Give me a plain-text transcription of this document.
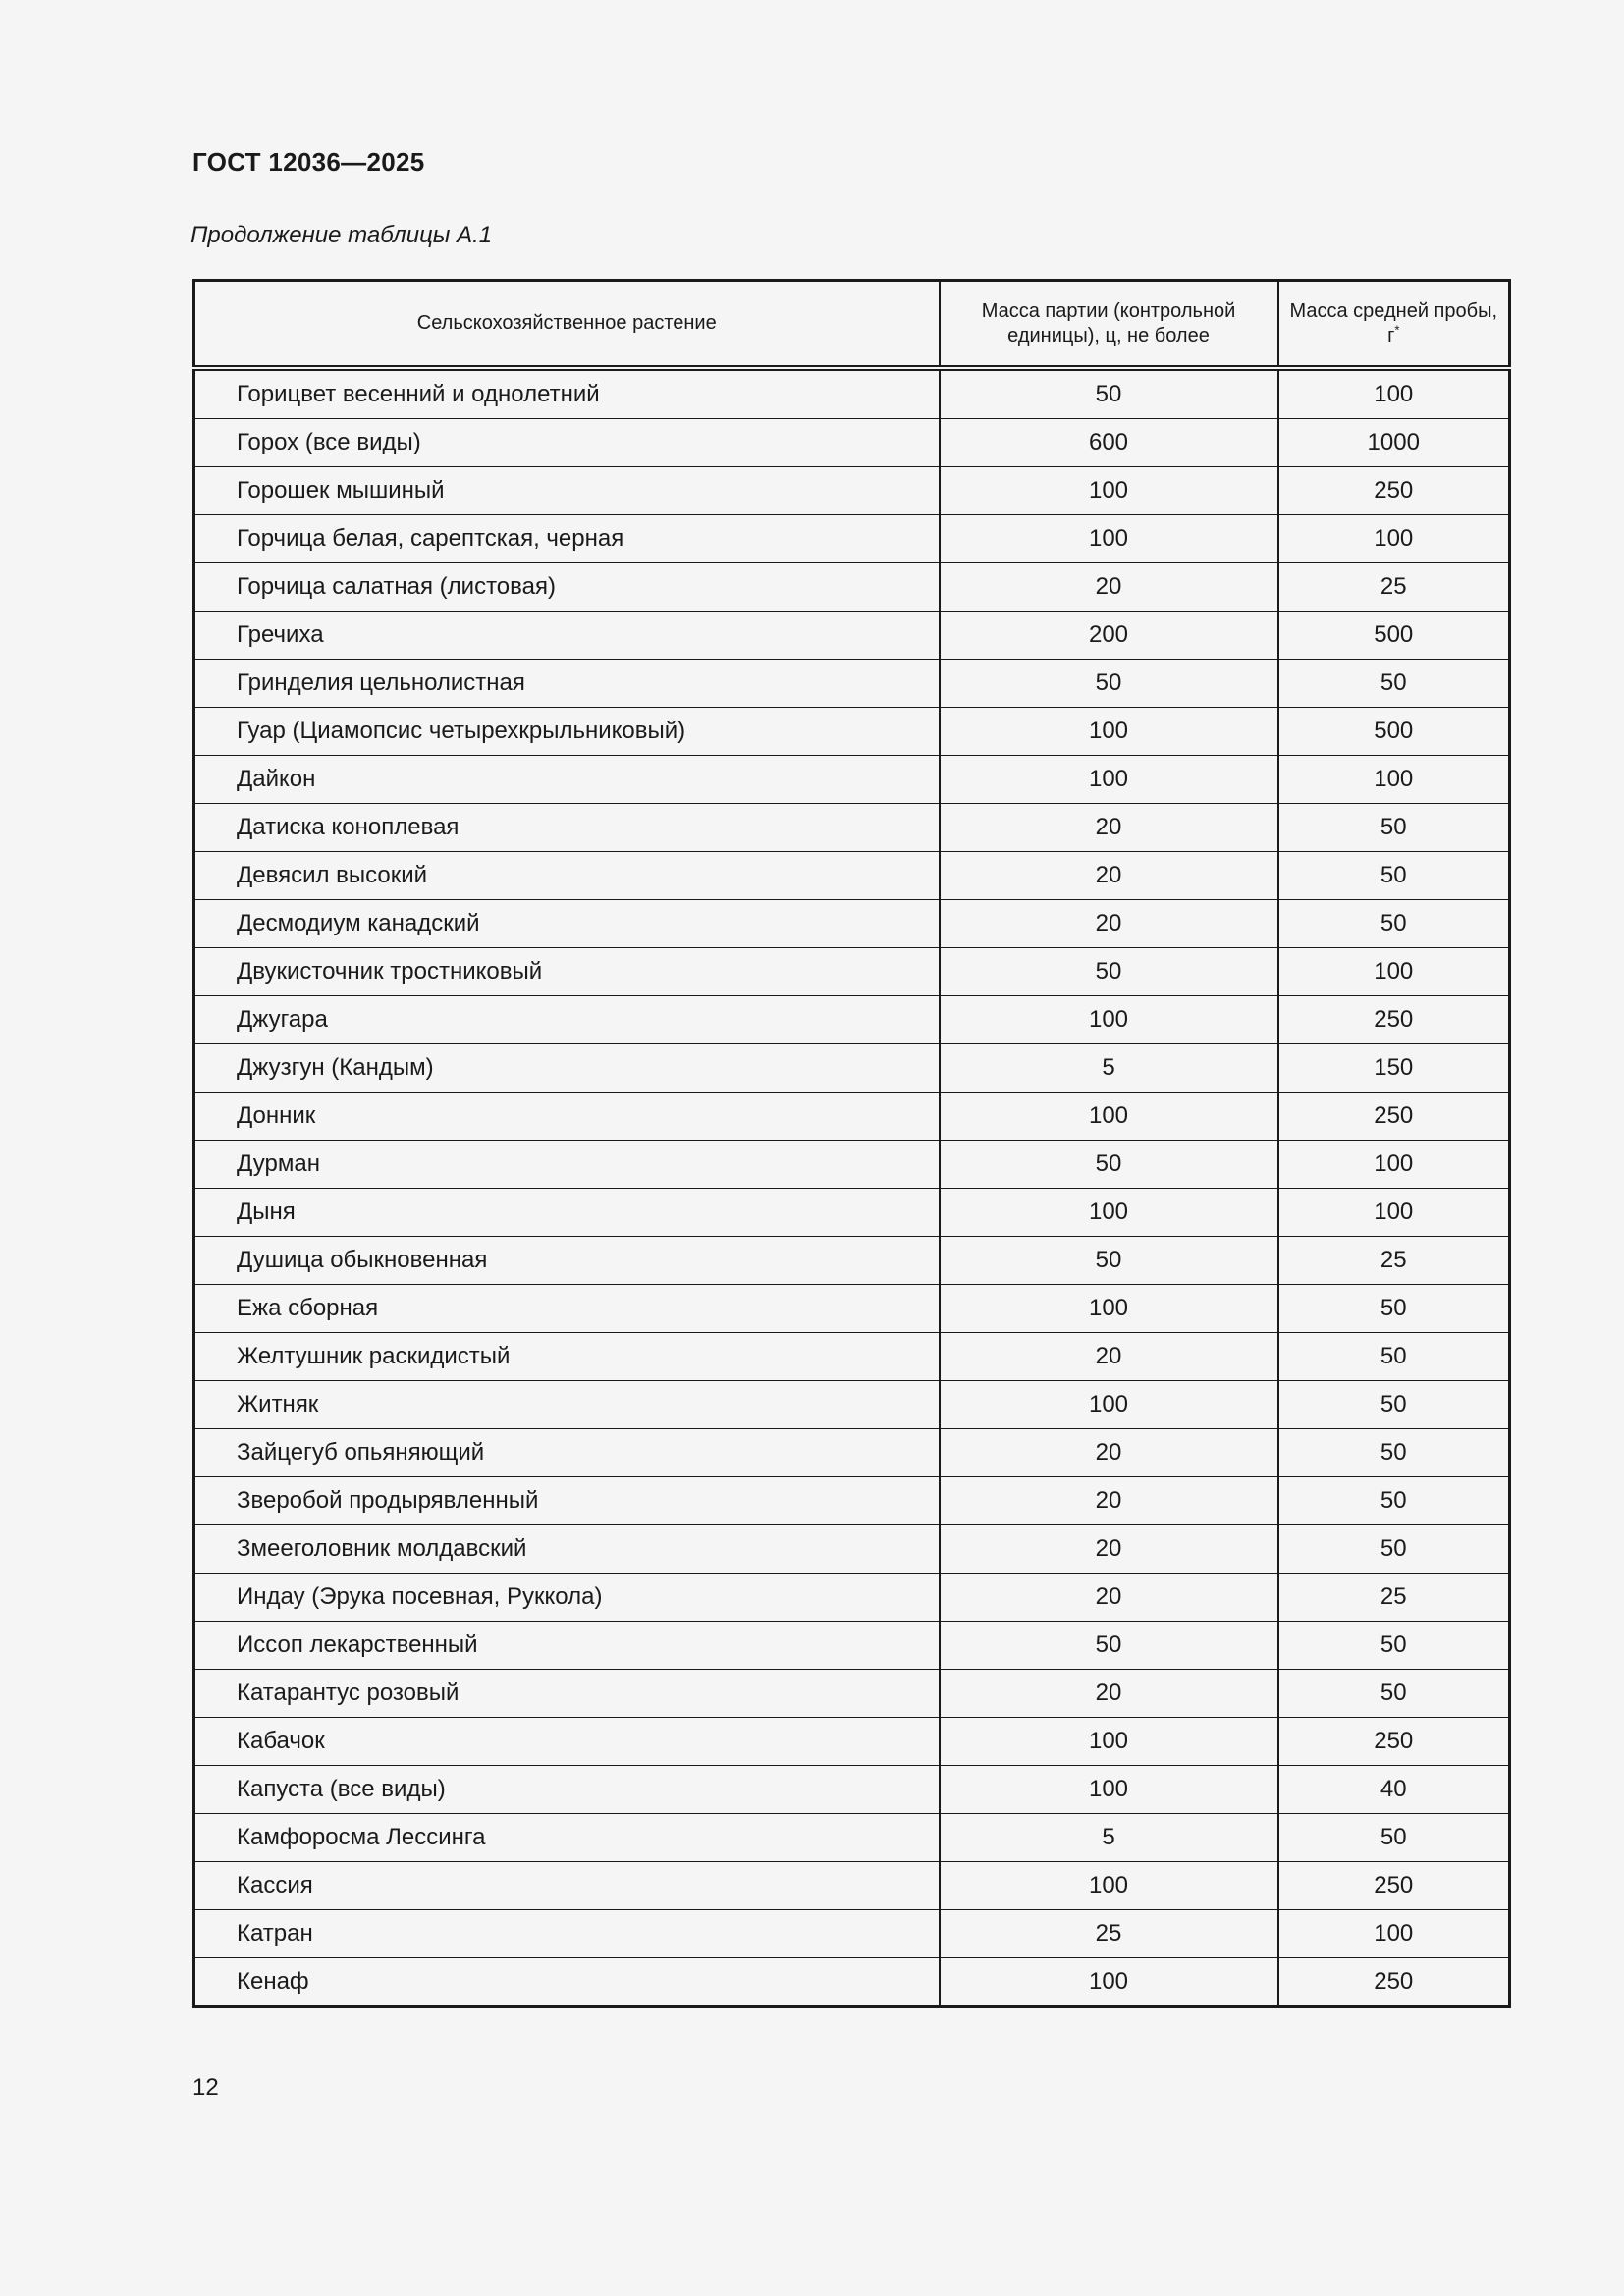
ГОСТ 12036—2025
Продолжение таблицы А.1
Сельскохозяйственное растение	Масса партии (контрольной единицы), ц, не более	Масса средней пробы, г*
Горицвет весенний и однолетний	50	100
Горох (все виды)	600	1000
Горошек мышиный	100	250
Горчица белая, сарептская, черная	100	100
Горчица салатная (листовая)	20	25
Гречиха	200	500
Гринделия цельнолистная	50	50
Гуар (Циамопсис четырехкрыльниковый)	100	500
Дайкон	100	100
Датиска коноплевая	20	50
Девясил высокий	20	50
Десмодиум канадский	20	50
Двукисточник тростниковый	50	100
Джугара	100	250
Джузгун (Кандым)	5	150
Донник	100	250
Дурман	50	100
Дыня	100	100
Душица обыкновенная	50	25
Ежа сборная	100	50
Желтушник раскидистый	20	50
Житняк	100	50
Зайцегуб опьяняющий	20	50
Зверобой продырявленный	20	50
Змееголовник молдавский	20	50
Индау (Эрука посевная, Руккола)	20	25
Иссоп лекарственный	50	50
Катарантус розовый	20	50
Кабачок	100	250
Капуста (все виды)	100	40
Камфоросма Лессинга	5	50
Кассия	100	250
Катран	25	100
Кенаф	100	250
12
